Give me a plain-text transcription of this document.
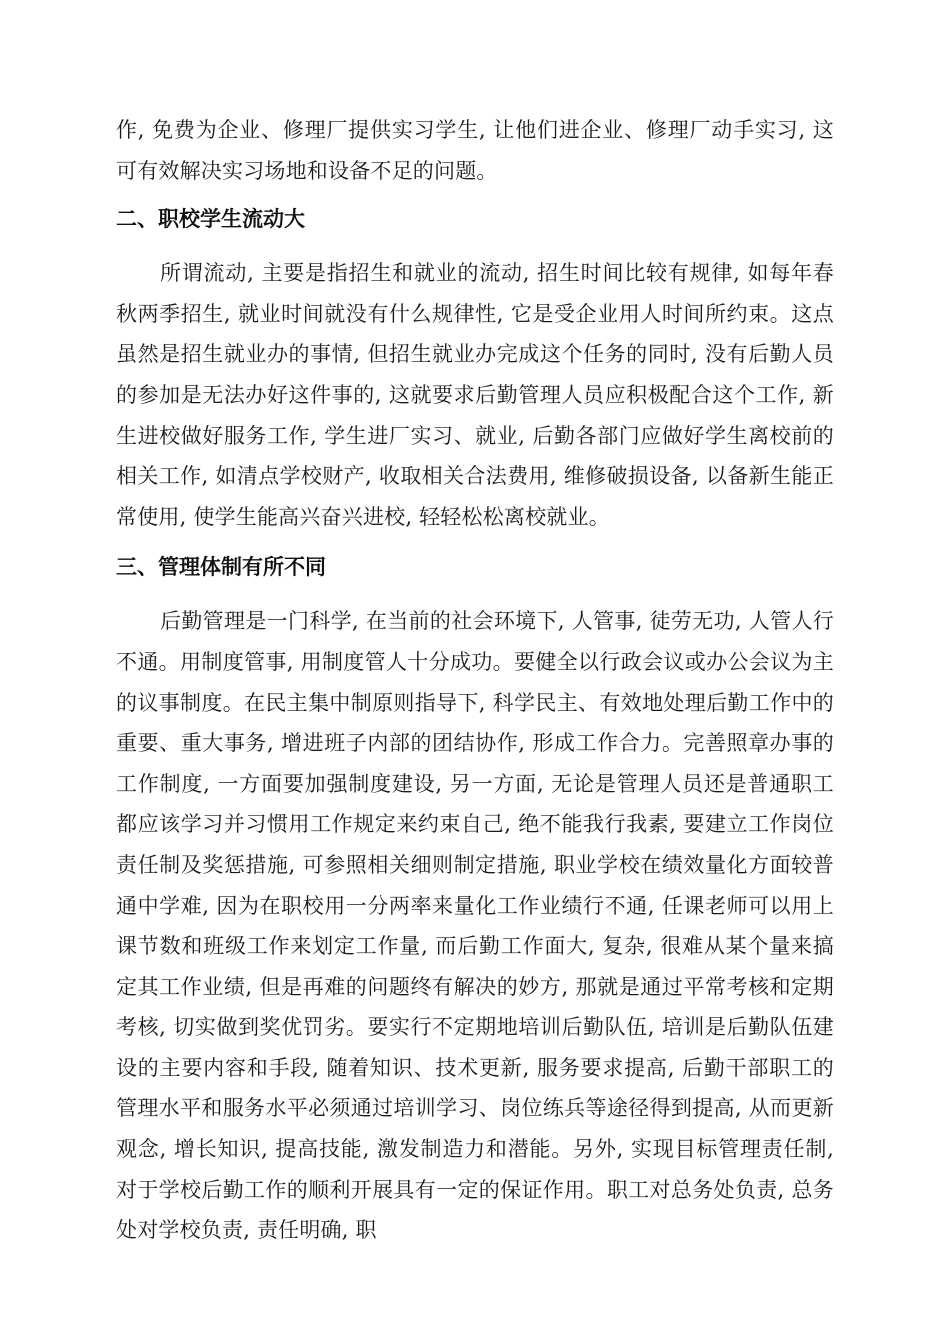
作, 免费为企业、修理厂提供实习学生, 让他们进企业、修理厂动手实习, 这可有效解决实习场地和设备不足的问题。

二、职校学生流动大

所谓流动, 主要是指招生和就业的流动, 招生时间比较有规律, 如每年春秋两季招生, 就业时间就没有什么规律性, 它是受企业用人时间所约束。这点虽然是招生就业办的事情, 但招生就业办完成这个任务的同时, 没有后勤人员的参加是无法办好这件事的, 这就要求后勤管理人员应积极配合这个工作, 新生进校做好服务工作, 学生进厂实习、就业, 后勤各部门应做好学生离校前的相关工作, 如清点学校财产, 收取相关合法费用, 维修破损设备, 以备新生能正常使用, 使学生能高兴奋兴进校, 轻轻松松离校就业。

三、管理体制有所不同

后勤管理是一门科学, 在当前的社会环境下, 人管事, 徒劳无功, 人管人行不通。用制度管事, 用制度管人十分成功。要健全以行政会议或办公会议为主的议事制度。在民主集中制原则指导下, 科学民主、有效地处理后勤工作中的重要、重大事务, 增进班子内部的团结协作, 形成工作合力。完善照章办事的工作制度, 一方面要加强制度建设, 另一方面, 无论是管理人员还是普通职工都应该学习并习惯用工作规定来约束自己, 绝不能我行我素, 要建立工作岗位责任制及奖惩措施, 可参照相关细则制定措施, 职业学校在绩效量化方面较普通中学难, 因为在职校用一分两率来量化工作业绩行不通, 任课老师可以用上课节数和班级工作来划定工作量, 而后勤工作面大, 复杂, 很难从某个量来搞定其工作业绩, 但是再难的问题终有解决的妙方, 那就是通过平常考核和定期考核, 切实做到奖优罚劣。要实行不定期地培训后勤队伍, 培训是后勤队伍建设的主要内容和手段, 随着知识、技术更新, 服务要求提高, 后勤干部职工的管理水平和服务水平必须通过培训学习、岗位练兵等途径得到提高, 从而更新观念, 增长知识, 提高技能, 激发制造力和潜能。另外, 实现目标管理责任制, 对于学校后勤工作的顺利开展具有一定的保证作用。职工对总务处负责, 总务处对学校负责, 责任明确, 职
